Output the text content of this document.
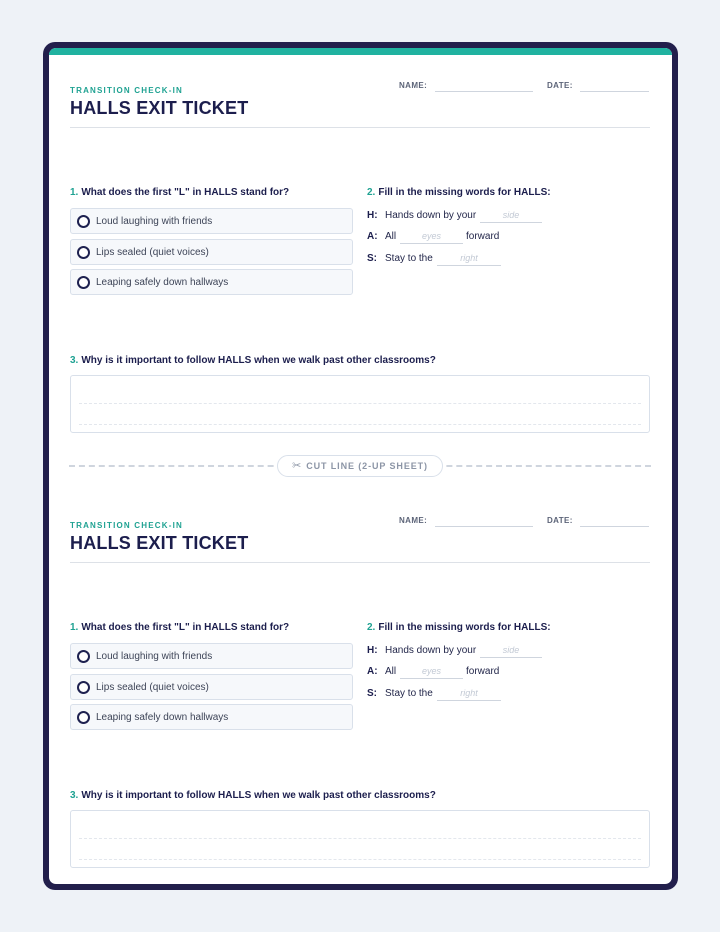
TRANSITION CHECK-IN
HALLS EXIT TICKET
NAME:	DATE:
1. What does the first "L" in HALLS stand for?
Loud laughing with friends
Lips sealed (quiet voices)
Leaping safely down hallways
2. Fill in the missing words for HALLS:
H: Hands down by your	side
A: All	eyes	forward
S: Stay to the	right
3. Why is it important to follow HALLS when we walk past other classrooms?
✂ CUT LINE (2-UP SHEET)
TRANSITION CHECK-IN
HALLS EXIT TICKET
NAME:	DATE:
1. What does the first "L" in HALLS stand for?
Loud laughing with friends
Lips sealed (quiet voices)
Leaping safely down hallways
2. Fill in the missing words for HALLS:
H: Hands down by your	side
A: All	eyes	forward
S: Stay to the	right
3. Why is it important to follow HALLS when we walk past other classrooms?
